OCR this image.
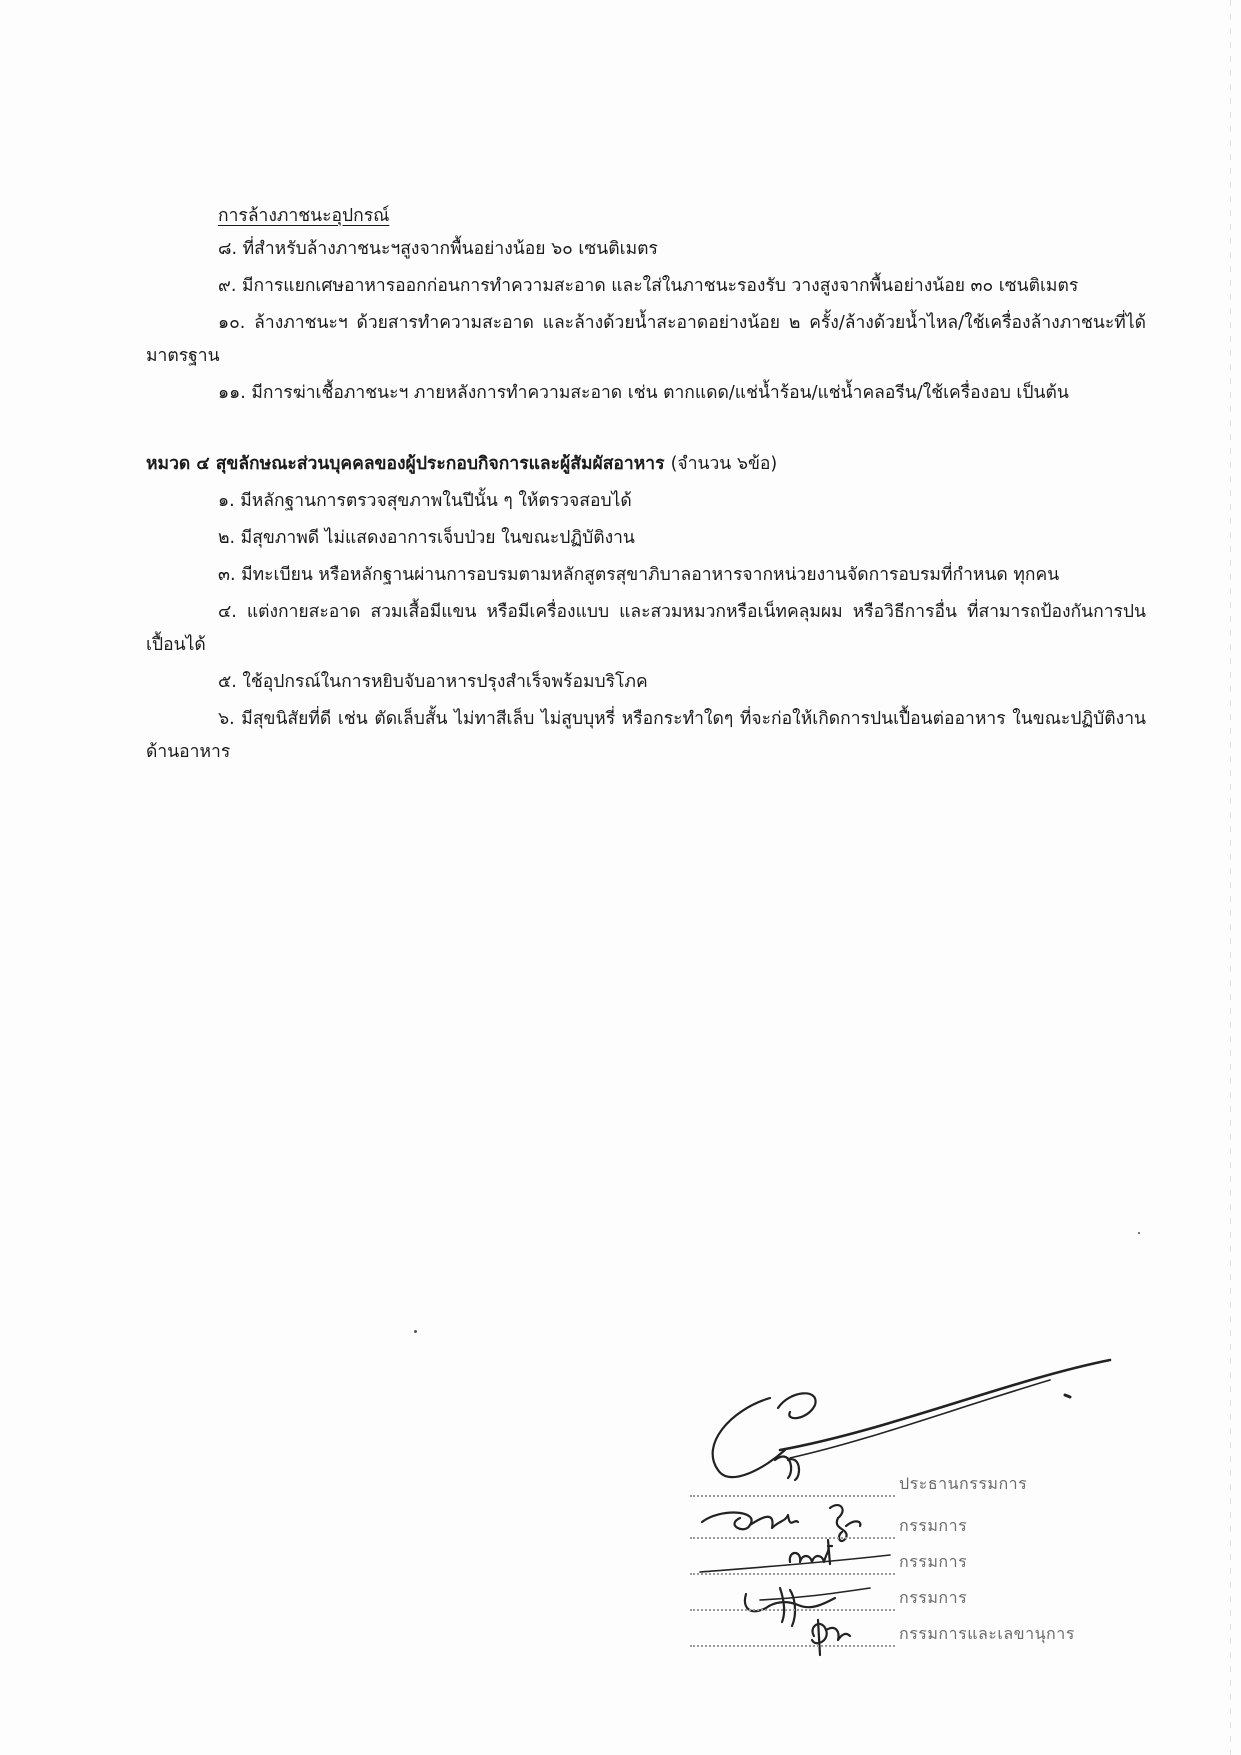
การล้างภาชนะอุปกรณ์

๘. ที่สำหรับล้างภาชนะฯสูงจากพื้นอย่างน้อย ๖๐ เซนติเมตร

๙. มีการแยกเศษอาหารออกก่อนการทำความสะอาด และใส่ในภาชนะรองรับ วางสูงจากพื้นอย่างน้อย ๓๐ เซนติเมตร

๑๐. ล้างภาชนะฯ ด้วยสารทำความสะอาด และล้างด้วยน้ำสะอาดอย่างน้อย ๒ ครั้ง/ล้างด้วยน้ำไหล/ใช้เครื่องล้างภาชนะที่ได้มาตรฐาน

๑๑. มีการฆ่าเชื้อภาชนะฯ ภายหลังการทำความสะอาด เช่น ตากแดด/แช่น้ำร้อน/แช่น้ำคลอรีน/ใช้เครื่องอบ เป็นต้น

หมวด ๔ สุขลักษณะส่วนบุคคลของผู้ประกอบกิจการและผู้สัมผัสอาหาร (จำนวน ๖ข้อ)

๑. มีหลักฐานการตรวจสุขภาพในปีนั้น ๆ ให้ตรวจสอบได้

๒. มีสุขภาพดี ไม่แสดงอาการเจ็บป่วย ในขณะปฏิบัติงาน

๓. มีทะเบียน หรือหลักฐานผ่านการอบรมตามหลักสูตรสุขาภิบาลอาหารจากหน่วยงานจัดการอบรมที่กำหนด ทุกคน

๔. แต่งกายสะอาด สวมเสื้อมีแขน หรือมีเครื่องแบบ และสวมหมวกหรือเน็ทคลุมผม หรือวิธีการอื่น ที่สามารถป้องกันการปนเปื้อนได้

๕. ใช้อุปกรณ์ในการหยิบจับอาหารปรุงสำเร็จพร้อมบริโภค

๖. มีสุขนิสัยที่ดี เช่น ตัดเล็บสั้น ไม่ทาสีเล็บ ไม่สูบบุหรี่ หรือกระทำใดๆ ที่จะก่อให้เกิดการปนเปื้อนต่ออาหาร ในขณะปฏิบัติงานด้านอาหาร

ประธานกรรมการ
กรรมการ
กรรมการ
กรรมการ
กรรมการและเลขานุการ
